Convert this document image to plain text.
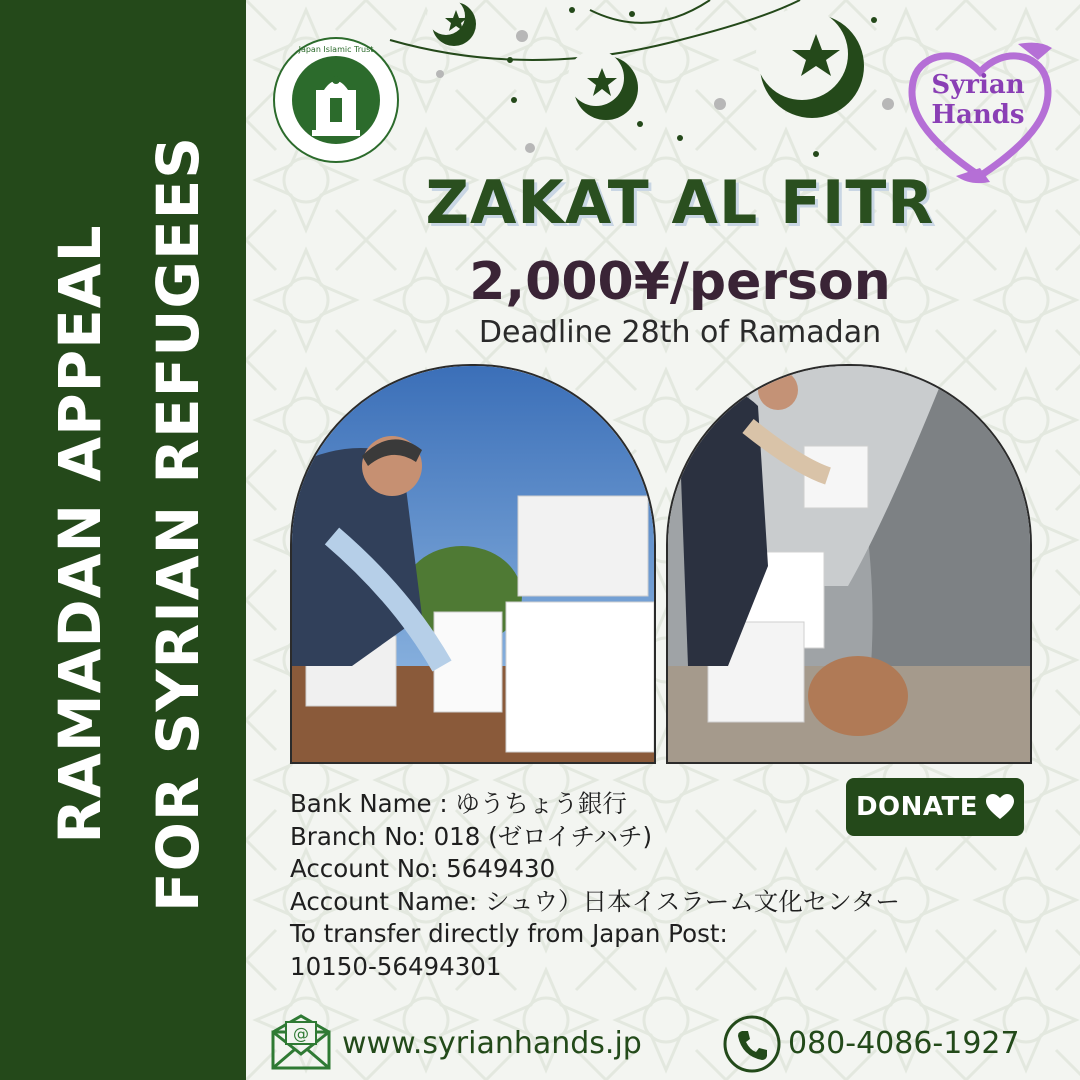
RAMADAN APPEAL FOR SYRIAN REFUGEES
Japan Islamic Trust
Syrian
Hands
ZAKAT AL FITR
2,000¥/person
Deadline 28th of Ramadan
Bank Name : ゆうちょう銀行
Branch No: 018 (ゼロイチハチ)
Account No: 5649430
Account Name: シュウ）日本イスラーム文化センター
To transfer directly from Japan Post:
10150-56494301
DONATE
@ www.syrianhands.jp	080-4086-1927
